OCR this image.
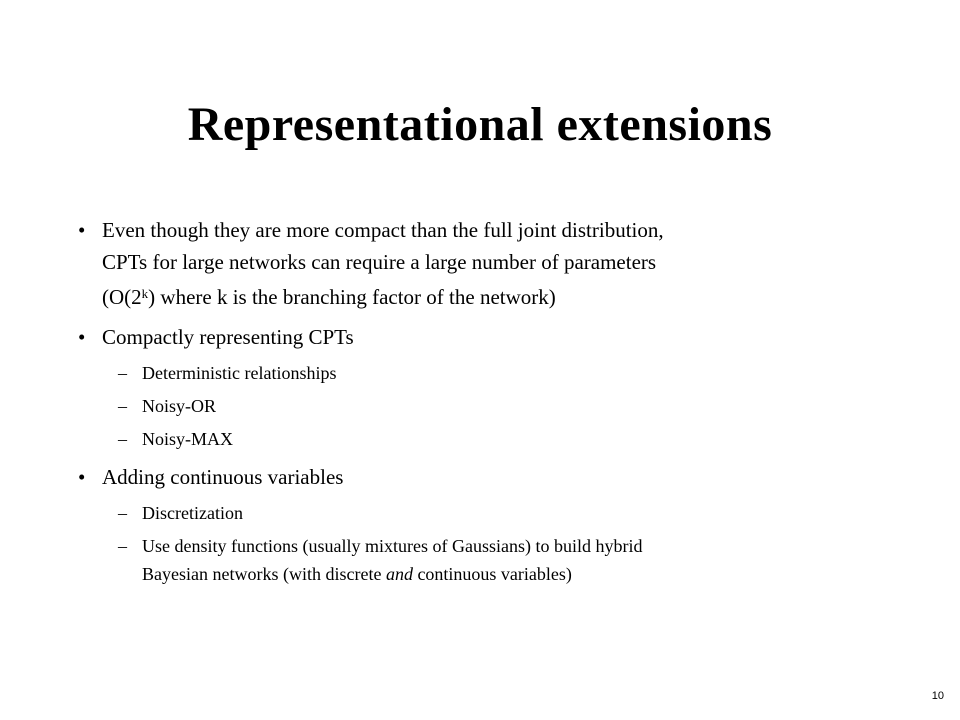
Representational extensions
• Even though they are more compact than the full joint distribution,
CPTs for large networks can require a large number of parameters
(O(2$^k$) where k is the branching factor of the network)
• Compactly representing CPTs
– Deterministic relationships
– Noisy-OR
– Noisy-MAX
• Adding continuous variables
– Discretization
– Use density functions (usually mixtures of Gaussians) to build hybrid
Bayesian networks (with discrete and continuous variables)
10
